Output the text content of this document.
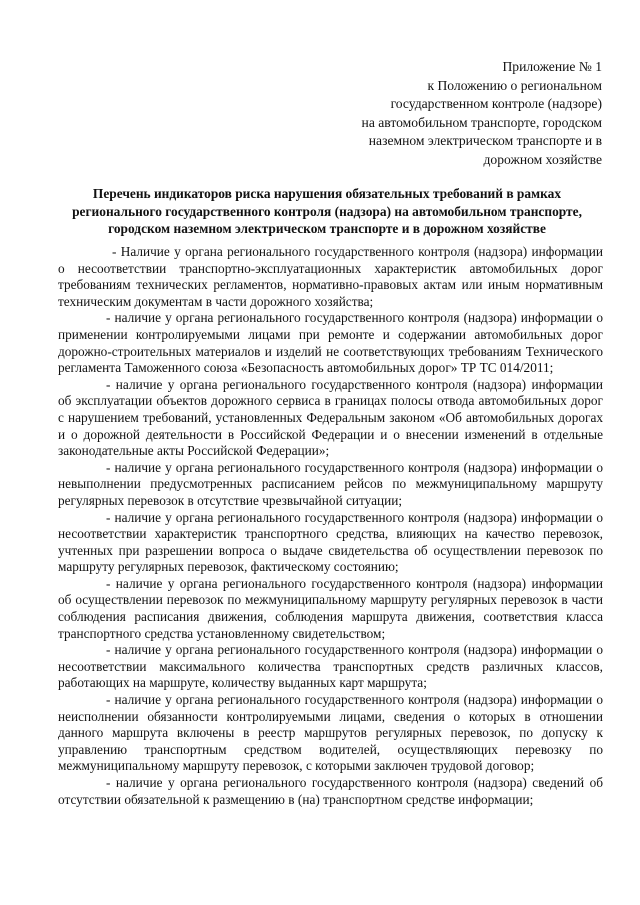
Приложение № 1
к Положению о региональном
государственном контроле (надзоре)
на автомобильном транспорте, городском
наземном электрическом транспорте и в
дорожном хозяйстве
Перечень индикаторов риска нарушения обязательных требований в рамках
регионального государственного контроля (надзора) на автомобильном транспорте,
городском наземном электрическом транспорте и в дорожном хозяйстве

- Наличие у органа регионального государственного контроля (надзора) информации о несоответствии транспортно-эксплуатационных характеристик автомобильных дорог требованиям технических регламентов, нормативно-правовых актам или иным нормативным техническим документам в части дорожного хозяйства;

- наличие у органа регионального государственного контроля (надзора) информации о применении контролируемыми лицами при ремонте и содержании автомобильных дорог дорожно-строительных материалов и изделий не соответствующих требованиям Технического регламента Таможенного союза «Безопасность автомобильных дорог» ТР ТС 014/2011;

- наличие у органа регионального государственного контроля (надзора) информации об эксплуатации объектов дорожного сервиса в границах полосы отвода автомобильных дорог с нарушением требований, установленных Федеральным законом «Об автомобильных дорогах и о дорожной деятельности в Российской Федерации и о внесении изменений в отдельные законодательные акты Российской Федерации»;

- наличие у органа регионального государственного контроля (надзора) информации о невыполнении предусмотренных расписанием рейсов по межмуниципальному маршруту регулярных перевозок в отсутствие чрезвычайной ситуации;

- наличие у органа регионального государственного контроля (надзора) информации о несоответствии характеристик транспортного средства, влияющих на качество перевозок, учтенных при разрешении вопроса о выдаче свидетельства об осуществлении перевозок по маршруту регулярных перевозок, фактическому состоянию;

- наличие у органа регионального государственного контроля (надзора) информации об осуществлении перевозок по межмуниципальному маршруту регулярных перевозок в части соблюдения расписания движения, соблюдения маршрута движения, соответствия класса транспортного средства установленному свидетельством;

- наличие у органа регионального государственного контроля (надзора) информации о несоответствии максимального количества транспортных средств различных классов, работающих на маршруте, количеству выданных карт маршрута;

- наличие у органа регионального государственного контроля (надзора) информации о неисполнении обязанности контролируемыми лицами, сведения о которых в отношении данного маршрута включены в реестр маршрутов регулярных перевозок, по допуску к управлению транспортным средством водителей, осуществляющих перевозку по межмуниципальному маршруту перевозок, с которыми заключен трудовой договор;

- наличие у органа регионального государственного контроля (надзора) сведений об отсутствии обязательной к размещению в (на) транспортном средстве информации;
